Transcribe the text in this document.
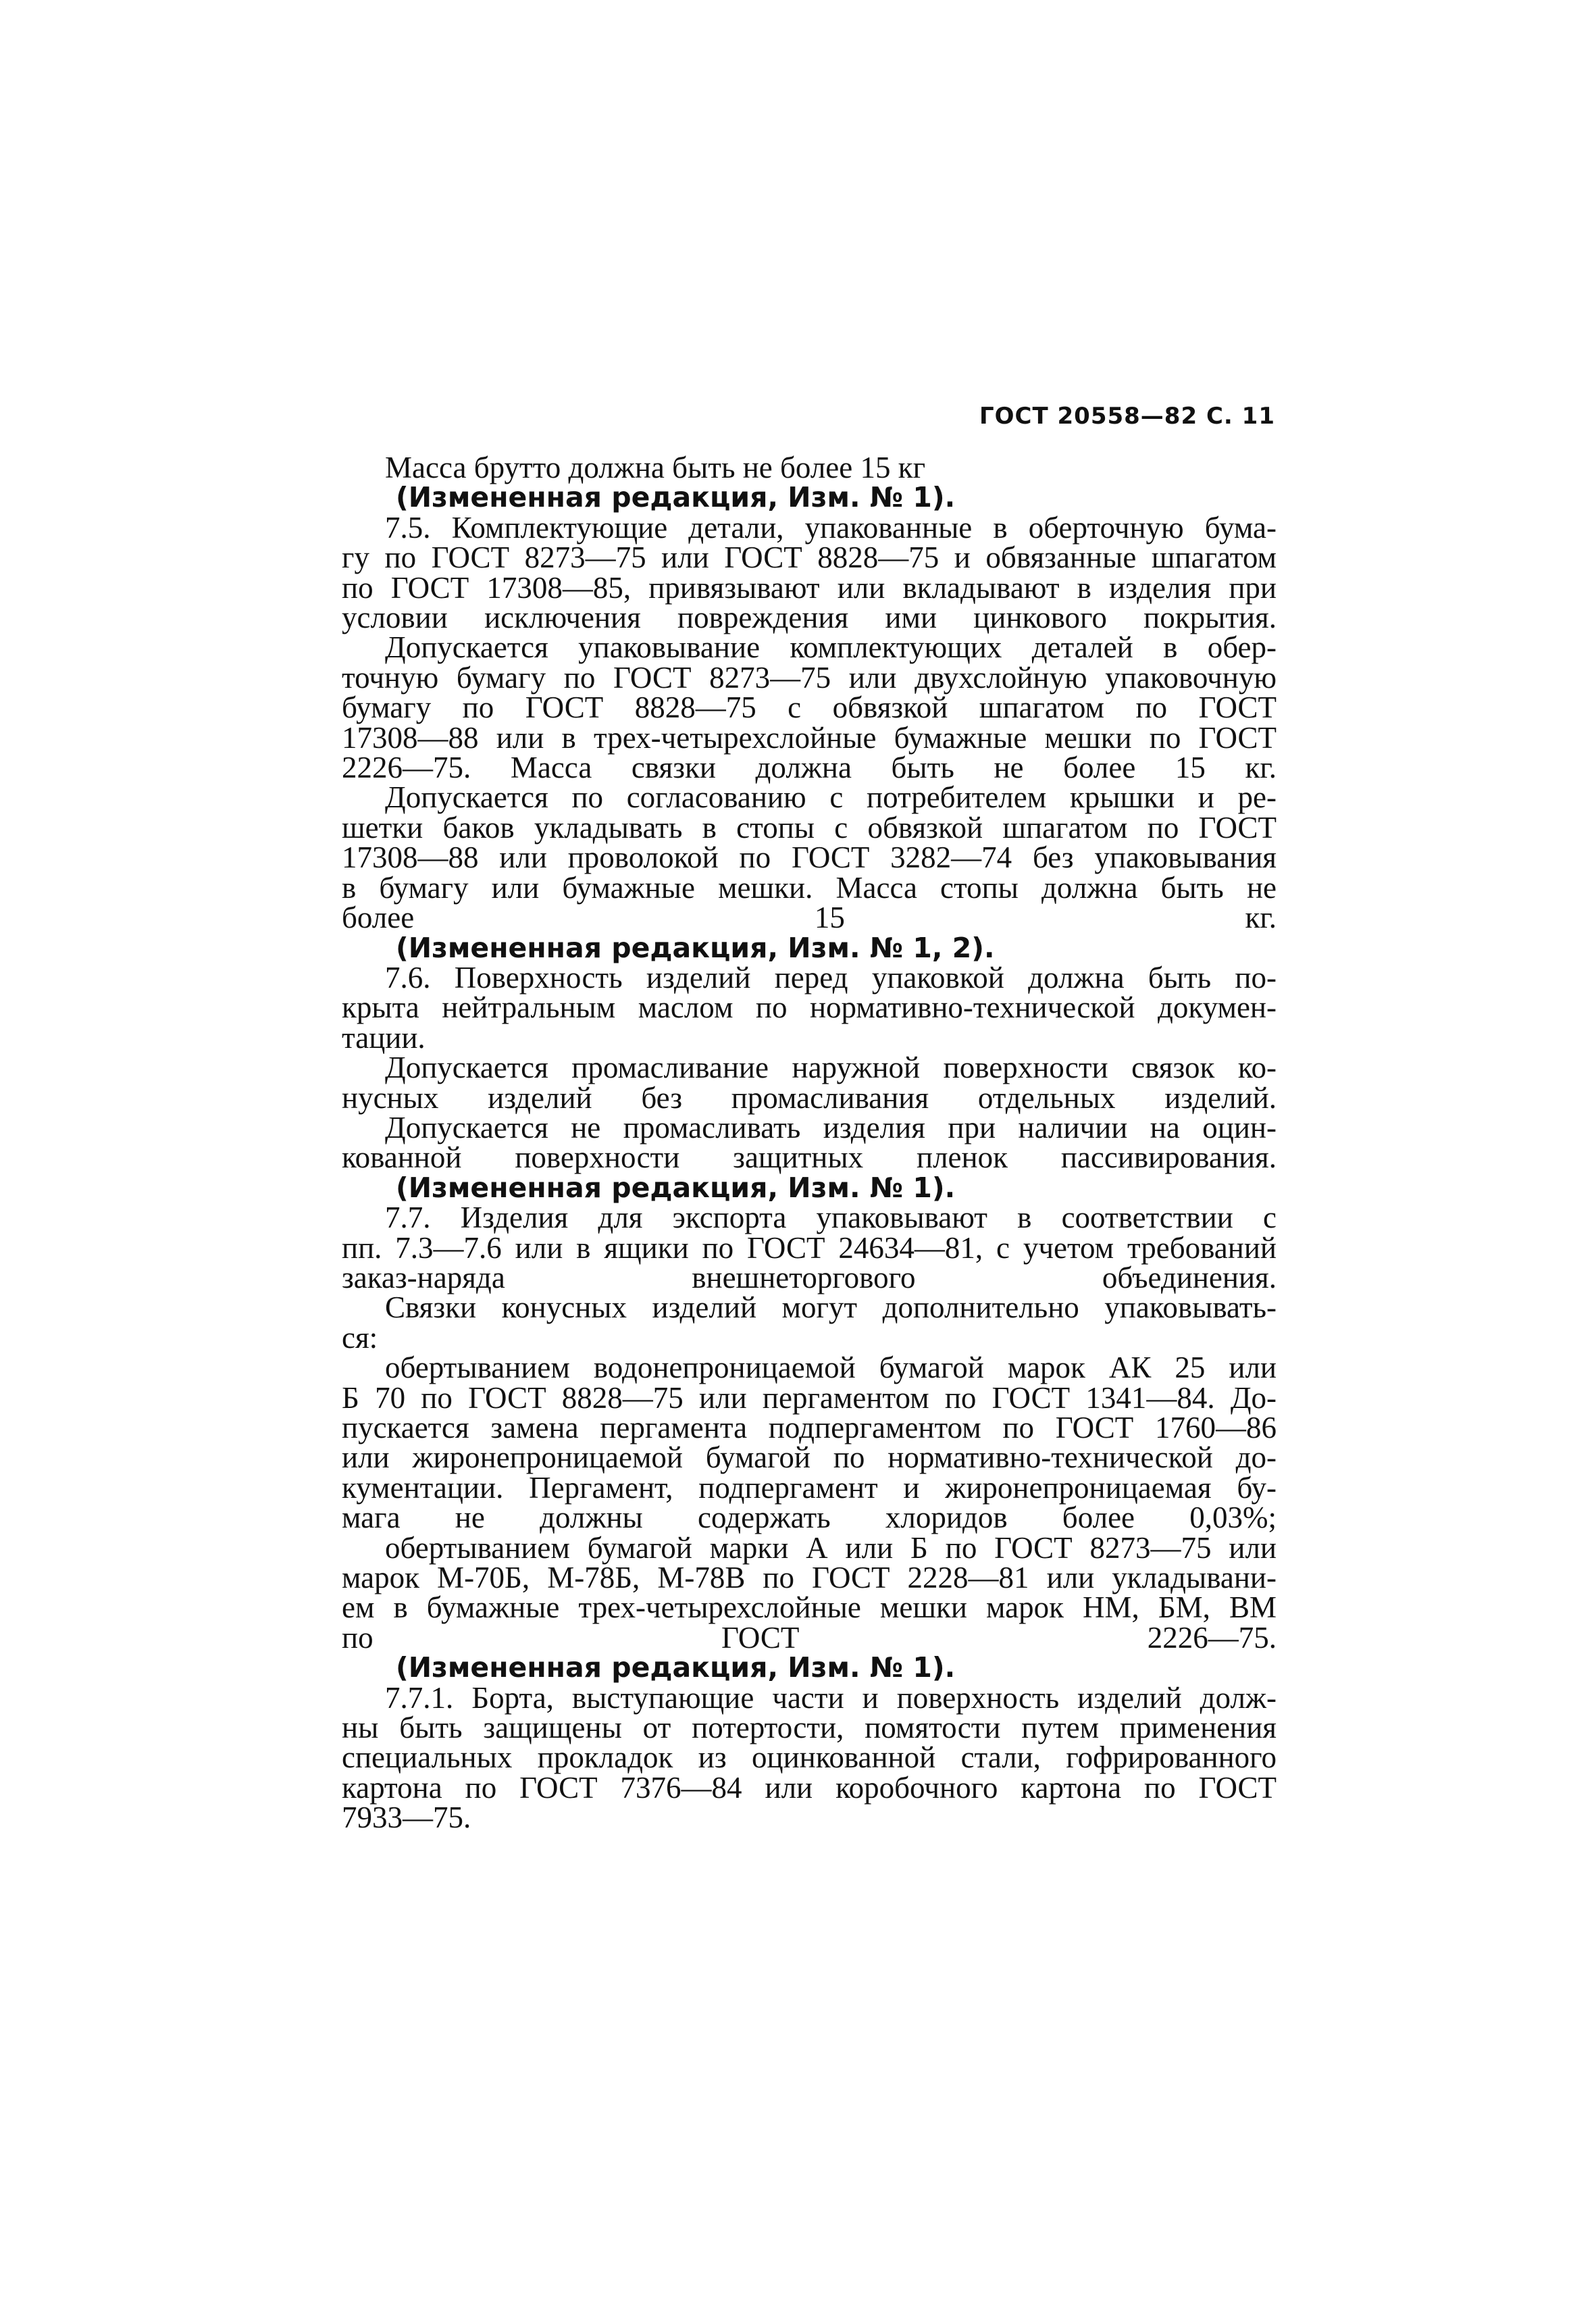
ГОСТ 20558—82 С. 11
Масса брутто должна быть не более 15 кг
(Измененная редакция, Изм. № 1).
7.5. Комплектующие детали, упакованные в оберточную бума-
гу по ГОСТ 8273—75 или ГОСТ 8828—75 и обвязанные шпагатом
по ГОСТ 17308—85, привязывают или вкладывают в изделия при
условии исключения повреждения ими цинкового покрытия.
Допускается упаковывание комплектующих деталей в обер-
точную бумагу по ГОСТ 8273—75 или двухслойную упаковочную
бумагу по ГОСТ 8828—75 с обвязкой шпагатом по ГОСТ
17308—88 или в трех-четырехслойные бумажные мешки по ГОСТ
2226—75. Масса связки должна быть не более 15 кг.
Допускается по согласованию с потребителем крышки и ре-
шетки баков укладывать в стопы с обвязкой шпагатом по ГОСТ
17308—88 или проволокой по ГОСТ 3282—74 без упаковывания
в бумагу или бумажные мешки. Масса стопы должна быть не
более 15 кг.
(Измененная редакция, Изм. № 1, 2).
7.6. Поверхность изделий перед упаковкой должна быть по-
крыта нейтральным маслом по нормативно-технической докумен-
тации.
Допускается промасливание наружной поверхности связок ко-
нусных изделий без промасливания отдельных изделий.
Допускается не промасливать изделия при наличии на оцин-
кованной поверхности защитных пленок пассивирования.
(Измененная редакция, Изм. № 1).
7.7. Изделия для экспорта упаковывают в соответствии с
пп. 7.3—7.6 или в ящики по ГОСТ 24634—81, с учетом требований
заказ-наряда внешнеторгового объединения.
Связки конусных изделий могут дополнительно упаковывать-
ся:
обертыванием водонепроницаемой бумагой марок АК 25 или
Б 70 по ГОСТ 8828—75 или пергаментом по ГОСТ 1341—84. До-
пускается замена пергамента подпергаментом по ГОСТ 1760—86
или жиронепроницаемой бумагой по нормативно-технической до-
кументации. Пергамент, подпергамент и жиронепроницаемая бу-
мага не должны содержать хлоридов более 0,03%;
обертыванием бумагой марки А или Б по ГОСТ 8273—75 или
марок М-70Б, М-78Б, М-78В по ГОСТ 2228—81 или укладывани-
ем в бумажные трех-четырехслойные мешки марок НМ, БМ, ВМ
по ГОСТ 2226—75.
(Измененная редакция, Изм. № 1).
7.7.1. Борта, выступающие части и поверхность изделий долж-
ны быть защищены от потертости, помятости путем применения
специальных прокладок из оцинкованной стали, гофрированного
картона по ГОСТ 7376—84 или коробочного картона по ГОСТ
7933—75.
